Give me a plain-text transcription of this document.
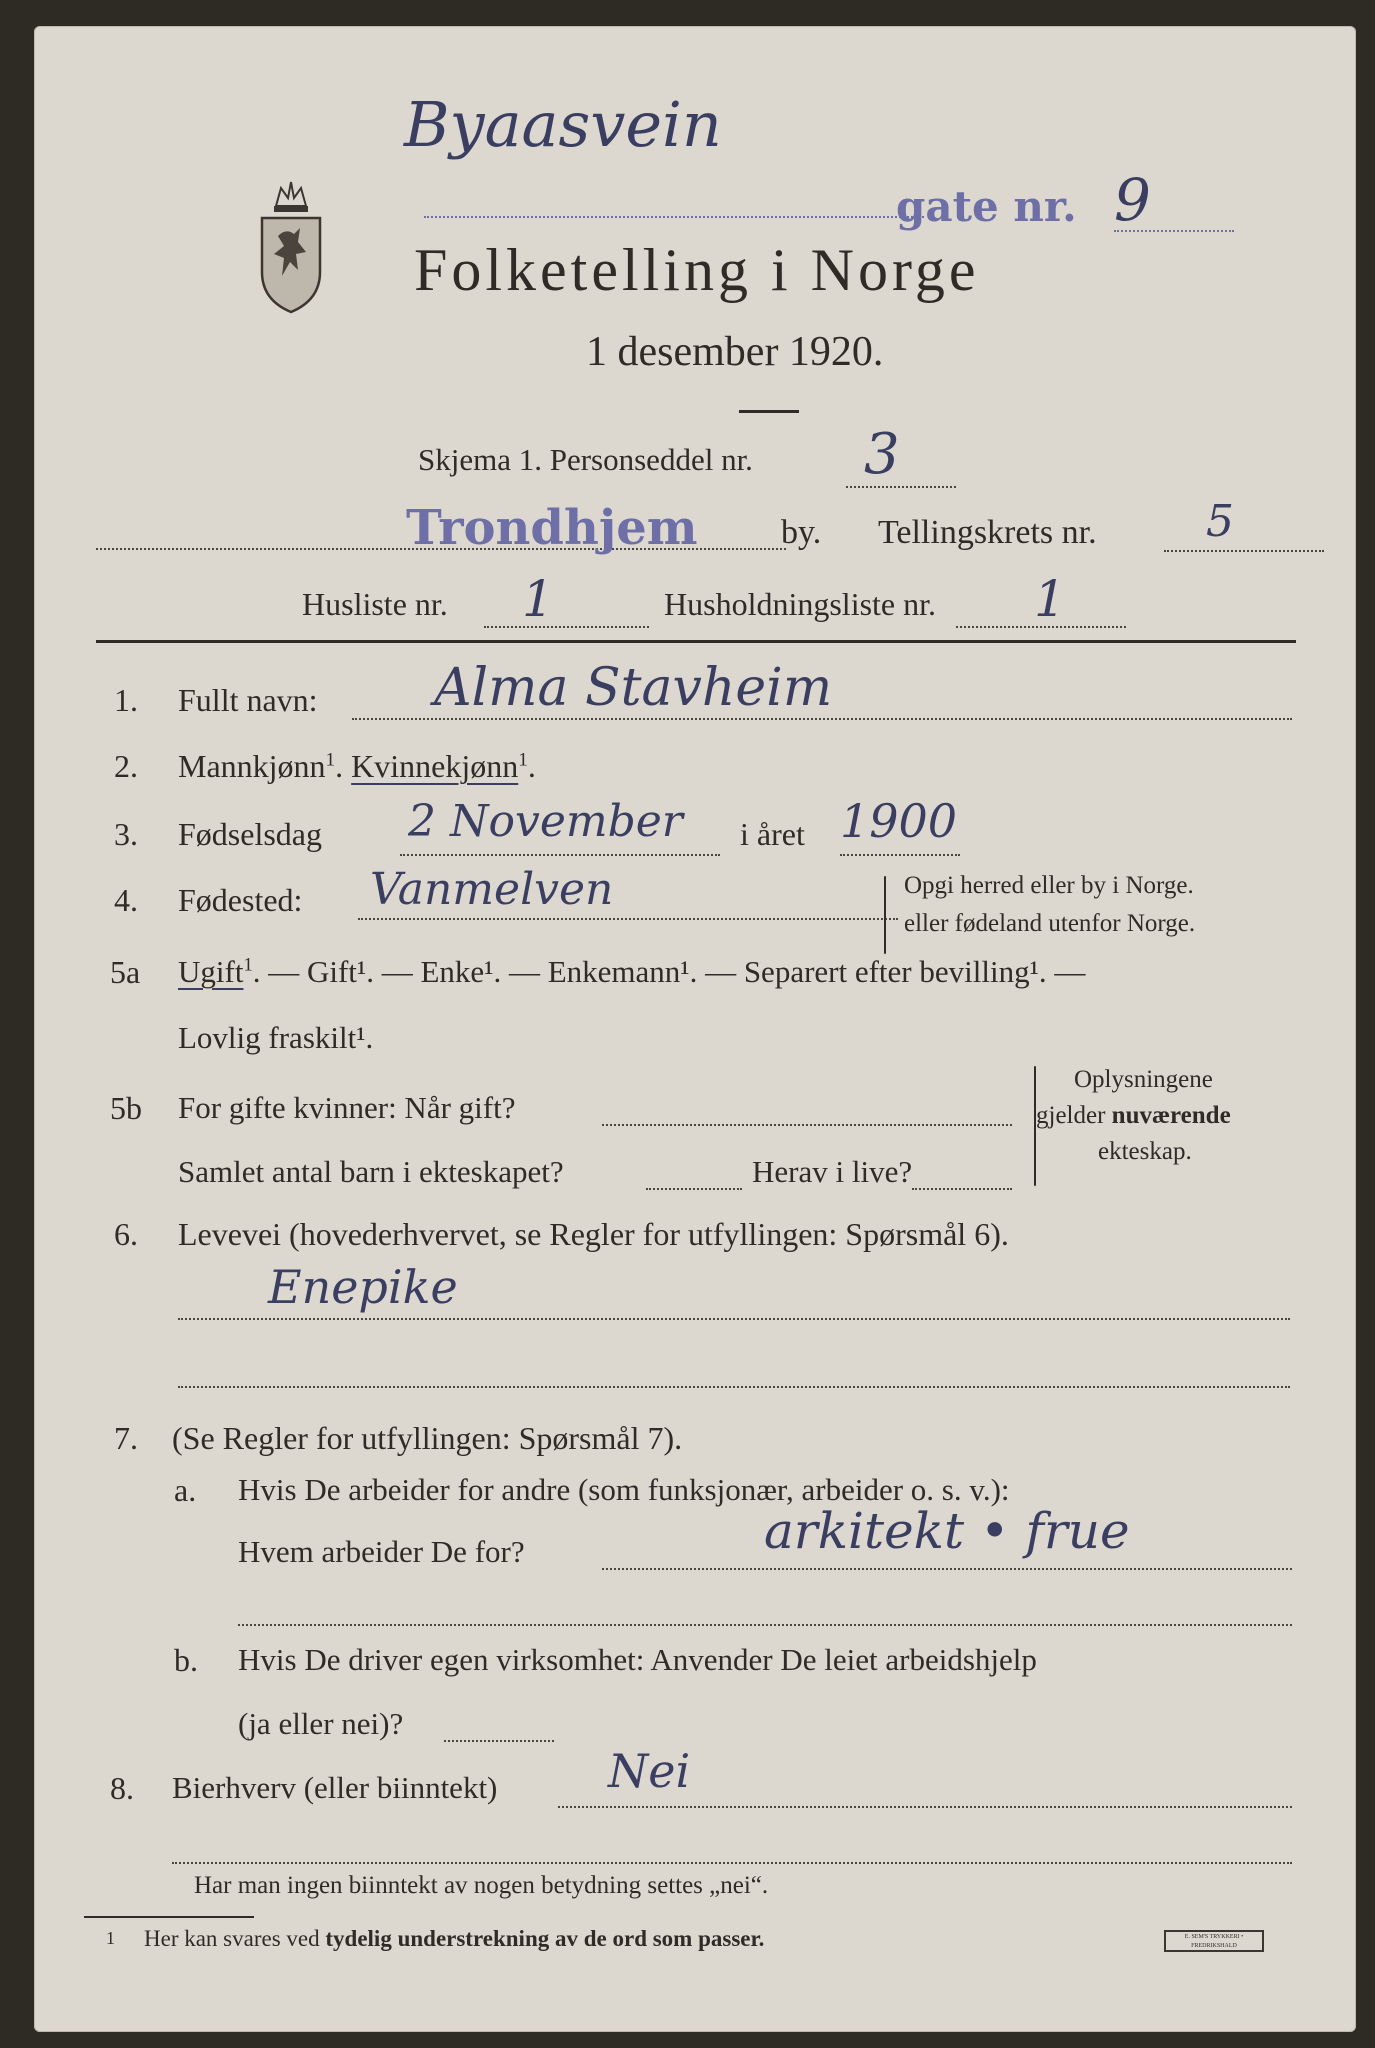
Byaasvein
gate nr. 9
Folketelling i Norge
1 desember 1920.
Skjema 1. Personseddel nr. 3
Trondhjem by. Tellingskrets nr. 5
Husliste nr. 1	Husholdningsliste nr. 1
1. Fullt navn: Alma Stavheim
2. Mannkjønn$^1$. Kvinnekjønn$^1$.
3. Fødselsdag 2 November i året 1900
4. Fødested: Vanmelven	Opgi herred eller by i Norge.
eller fødeland utenfor Norge.
5a Ugift$^1$. — Gift¹. — Enke¹. — Enkemann¹. — Separert efter bevilling¹. —
Lovlig fraskilt¹.
5b For gifte kvinner: Når gift?
Samlet antal barn i ekteskapet?	Herav i live?
Oplysningene
gjelder nuværende
ekteskap.
6. Levevei (hovederhvervet, se Regler for utfyllingen: Spørsmål 6).
Enepike
7. (Se Regler for utfyllingen: Spørsmål 7).
a. Hvis De arbeider for andre (som funksjonær, arbeider o. s. v.):
Hvem arbeider De for?	arkitekt • frue
b. Hvis De driver egen virksomhet: Anvender De leiet arbeidshjelp
(ja eller nei)?
8. Bierhverv (eller biinntekt) Nei
Har man ingen biinntekt av nogen betydning settes „nei“.
1 Her kan svares ved tydelig understrekning av de ord som passer.	E. SEM'S TRYKKERI • FREDRIKSHALD
